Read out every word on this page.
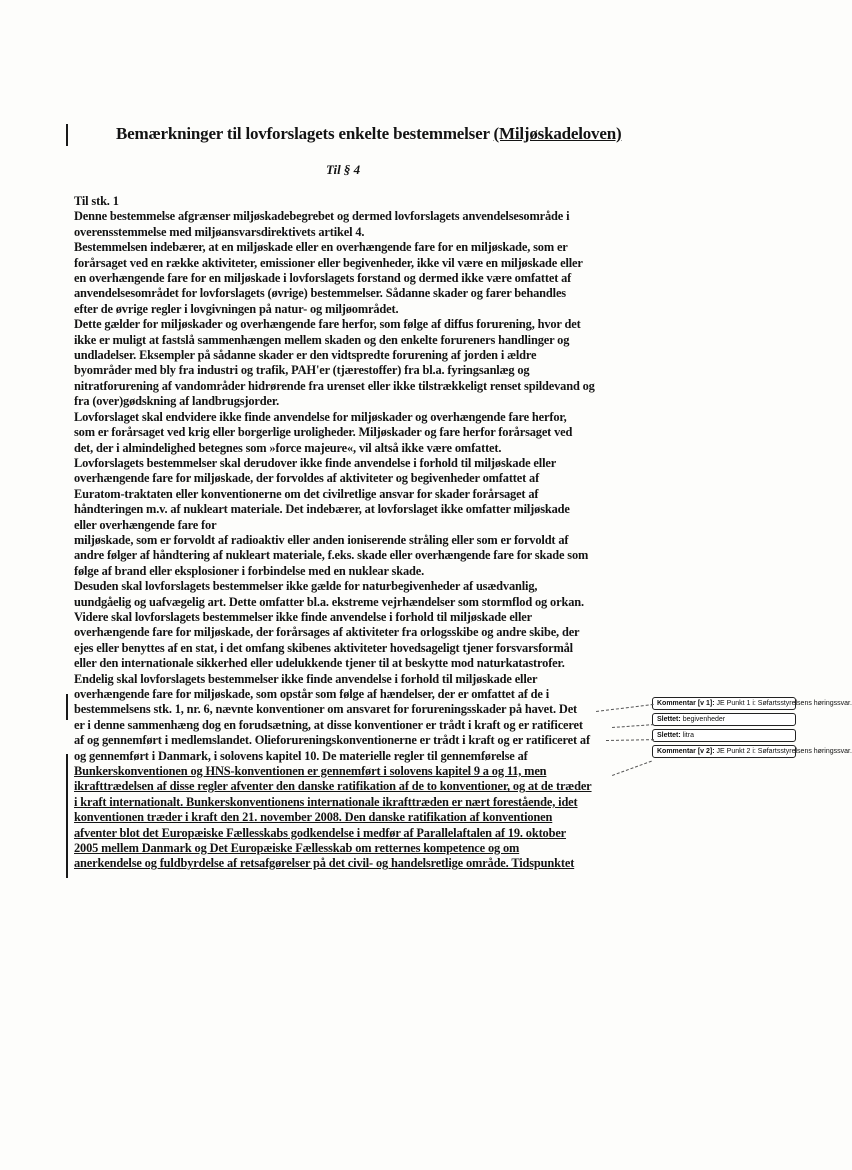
Bemærkninger til lovforslagets enkelte bestemmelser (Miljøskadeloven)
Til § 4
Til stk. 1
Denne bestemmelse afgrænser miljøskadebegrebet og dermed lovforslagets anvendelsesområde i
overensstemmelse med miljøansvarsdirektivets artikel 4.
Bestemmelsen indebærer, at en miljøskade eller en overhængende fare for en miljøskade, som er
forårsaget ved en række aktiviteter, emissioner eller begivenheder, ikke vil være en miljøskade eller
en overhængende fare for en miljøskade i lovforslagets forstand og dermed ikke være omfattet af
anvendelsesområdet for lovforslagets (øvrige) bestemmelser. Sådanne skader og farer behandles
efter de øvrige regler i lovgivningen på natur- og miljøområdet.
Dette gælder for miljøskader og overhængende fare herfor, som følge af diffus forurening, hvor det
ikke er muligt at fastslå sammenhængen mellem skaden og den enkelte forureners handlinger og
undladelser. Eksempler på sådanne skader er den vidtspredte forurening af jorden i ældre
byområder med bly fra industri og trafik, PAH'er (tjærestoffer) fra bl.a. fyringsanlæg og
nitratforurening af vandområder hidrørende fra urenset eller ikke tilstrækkeligt renset spildevand og
fra (over)gødskning af landbrugsjorder.
Lovforslaget skal endvidere ikke finde anvendelse for miljøskader og overhængende fare herfor,
som er forårsaget ved krig eller borgerlige uroligheder. Miljøskader og fare herfor forårsaget ved
det, der i almindelighed betegnes som »force majeure«, vil altså ikke være omfattet.
Lovforslagets bestemmelser skal derudover ikke finde anvendelse i forhold til miljøskade eller
overhængende fare for miljøskade, der forvoldes af aktiviteter og begivenheder omfattet af
Euratom-traktaten eller konventionerne om det civilretlige ansvar for skader forårsaget af
håndteringen m.v. af nukleart materiale. Det indebærer, at lovforslaget ikke omfatter miljøskade
eller overhængende fare for
miljøskade, som er forvoldt af radioaktiv eller anden ioniserende stråling eller som er forvoldt af
andre følger af håndtering af nukleart materiale, f.eks. skade eller overhængende fare for skade som
følge af brand eller eksplosioner i forbindelse med en nuklear skade.
Desuden skal lovforslagets bestemmelser ikke gælde for naturbegivenheder af usædvanlig,
uundgåelig og uafvægelig art. Dette omfatter bl.a. ekstreme vejrhændelser som stormflod og orkan.
Videre skal lovforslagets bestemmelser ikke finde anvendelse i forhold til miljøskade eller
overhængende fare for miljøskade, der forårsages af aktiviteter fra orlogsskibe og andre skibe, der
ejes eller benyttes af en stat, i det omfang skibenes aktiviteter hovedsageligt tjener forsvarsformål
eller den internationale sikkerhed eller udelukkende tjener til at beskytte mod naturkatastrofer.
Endelig skal lovforslagets bestemmelser ikke finde anvendelse i forhold til miljøskade eller
overhængende fare for miljøskade, som opstår som følge af hændelser, der er omfattet af de i
bestemmelsens stk. 1, nr. 6, nævnte konventioner om ansvaret for forureningsskader på havet. Det
er i denne sammenhæng dog en forudsætning, at disse konventioner er trådt i kraft og er ratificeret
af og gennemført i medlemslandet. Olieforureningskonventionerne er trådt i kraft og er ratificeret af
og gennemført i Danmark, i solovens kapitel 10. De materielle regler til gennemførelse af
Bunkerskonventionen og HNS-konventionen er gennemført i solovens kapitel 9 a og 11, men
ikrafttrædelsen af disse regler afventer den danske ratifikation af de to konventioner, og at de træder
i kraft internationalt. Bunkerskonventionens internationale ikrafttræden er nært forestående, idet
konventionen træder i kraft den 21. november 2008. Den danske ratifikation af konventionen
afventer blot det Europæiske Fællesskabs godkendelse i medfør af Parallelaftalen af 19. oktober
2005 mellem Danmark og Det Europæiske Fællesskab om retternes kompetence og om
anerkendelse og fuldbyrdelse af retsafgørelser på det civil- og handelsretlige område. Tidspunktet
Kommentar [v 1]: JE Punkt 1 i: Søfartsstyrelsens høringssvar.
Slettet: begivenheder
Slettet: litra
Kommentar [v 2]: JE Punkt 2 i: Søfartsstyrelsens høringssvar.
